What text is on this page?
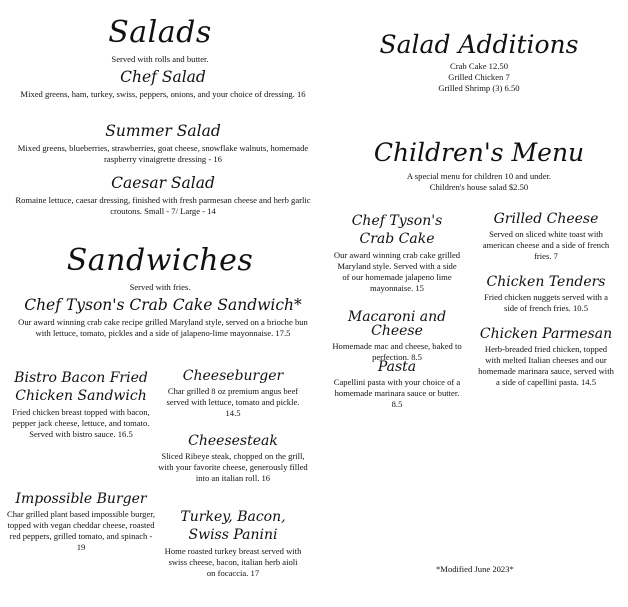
Salads

Served with rolls and butter.

Chef Salad

Mixed greens, ham, turkey, swiss, peppers, onions, and your choice of dressing. 16

Summer Salad

Mixed greens, blueberries, strawberries, goat cheese, snowflake walnuts, homemade raspberry vinaigrette dressing - 16

Caesar Salad

Romaine lettuce, caesar dressing, finished with fresh parmesan cheese and herb garlic croutons. Small - 7/ Large - 14

Sandwiches

Served with fries.

Chef Tyson's Crab Cake Sandwich*

Our award winning crab cake recipe grilled Maryland style, served on a brioche bun with lettuce, tomato, pickles and a side of jalapeno-lime mayonnaise. 17.5

Bistro Bacon Fried Chicken Sandwich

Fried chicken breast topped with bacon, pepper jack cheese, lettuce, and tomato. Served with bistro sauce. 16.5

Impossible Burger

Char grilled plant based impossible burger, topped with vegan cheddar cheese, roasted red peppers, grilled tomato, and spinach - 19

Cheeseburger

Char grilled 8 oz premium angus beef served with lettuce, tomato and pickle. 14.5

Cheesesteak

Sliced Ribeye steak, chopped on the grill, with your favorite cheese, generously filled into an italian roll. 16

Turkey, Bacon, Swiss Panini

Home roasted turkey breast served with swiss cheese, bacon, italian herb aioli on focaccia. 17

Salad Additions

Crab Cake 12.50

Grilled Chicken 7

Grilled Shrimp (3) 6.50

Children's Menu

A special menu for children 10 and under.

Children's house salad $2.50

Chef Tyson's Crab Cake

Our award winning crab cake grilled Maryland style. Served with a side of our homemade jalapeno lime mayonnaise. 15

Macaroni and Cheese

Homemade mac and cheese, baked to perfection. 8.5

Pasta

Capellini pasta with your choice of a homemade marinara sauce or butter. 8.5

Grilled Cheese

Served on sliced white toast with american cheese and a side of french fries. 7

Chicken Tenders

Fried chicken nuggets served with a side of french fries. 10.5

Chicken Parmesan

Herb-breaded fried chicken, topped with melted Italian cheeses and our homemade marinara sauce, served with a side of capellini pasta. 14.5

*Modified June 2023*
